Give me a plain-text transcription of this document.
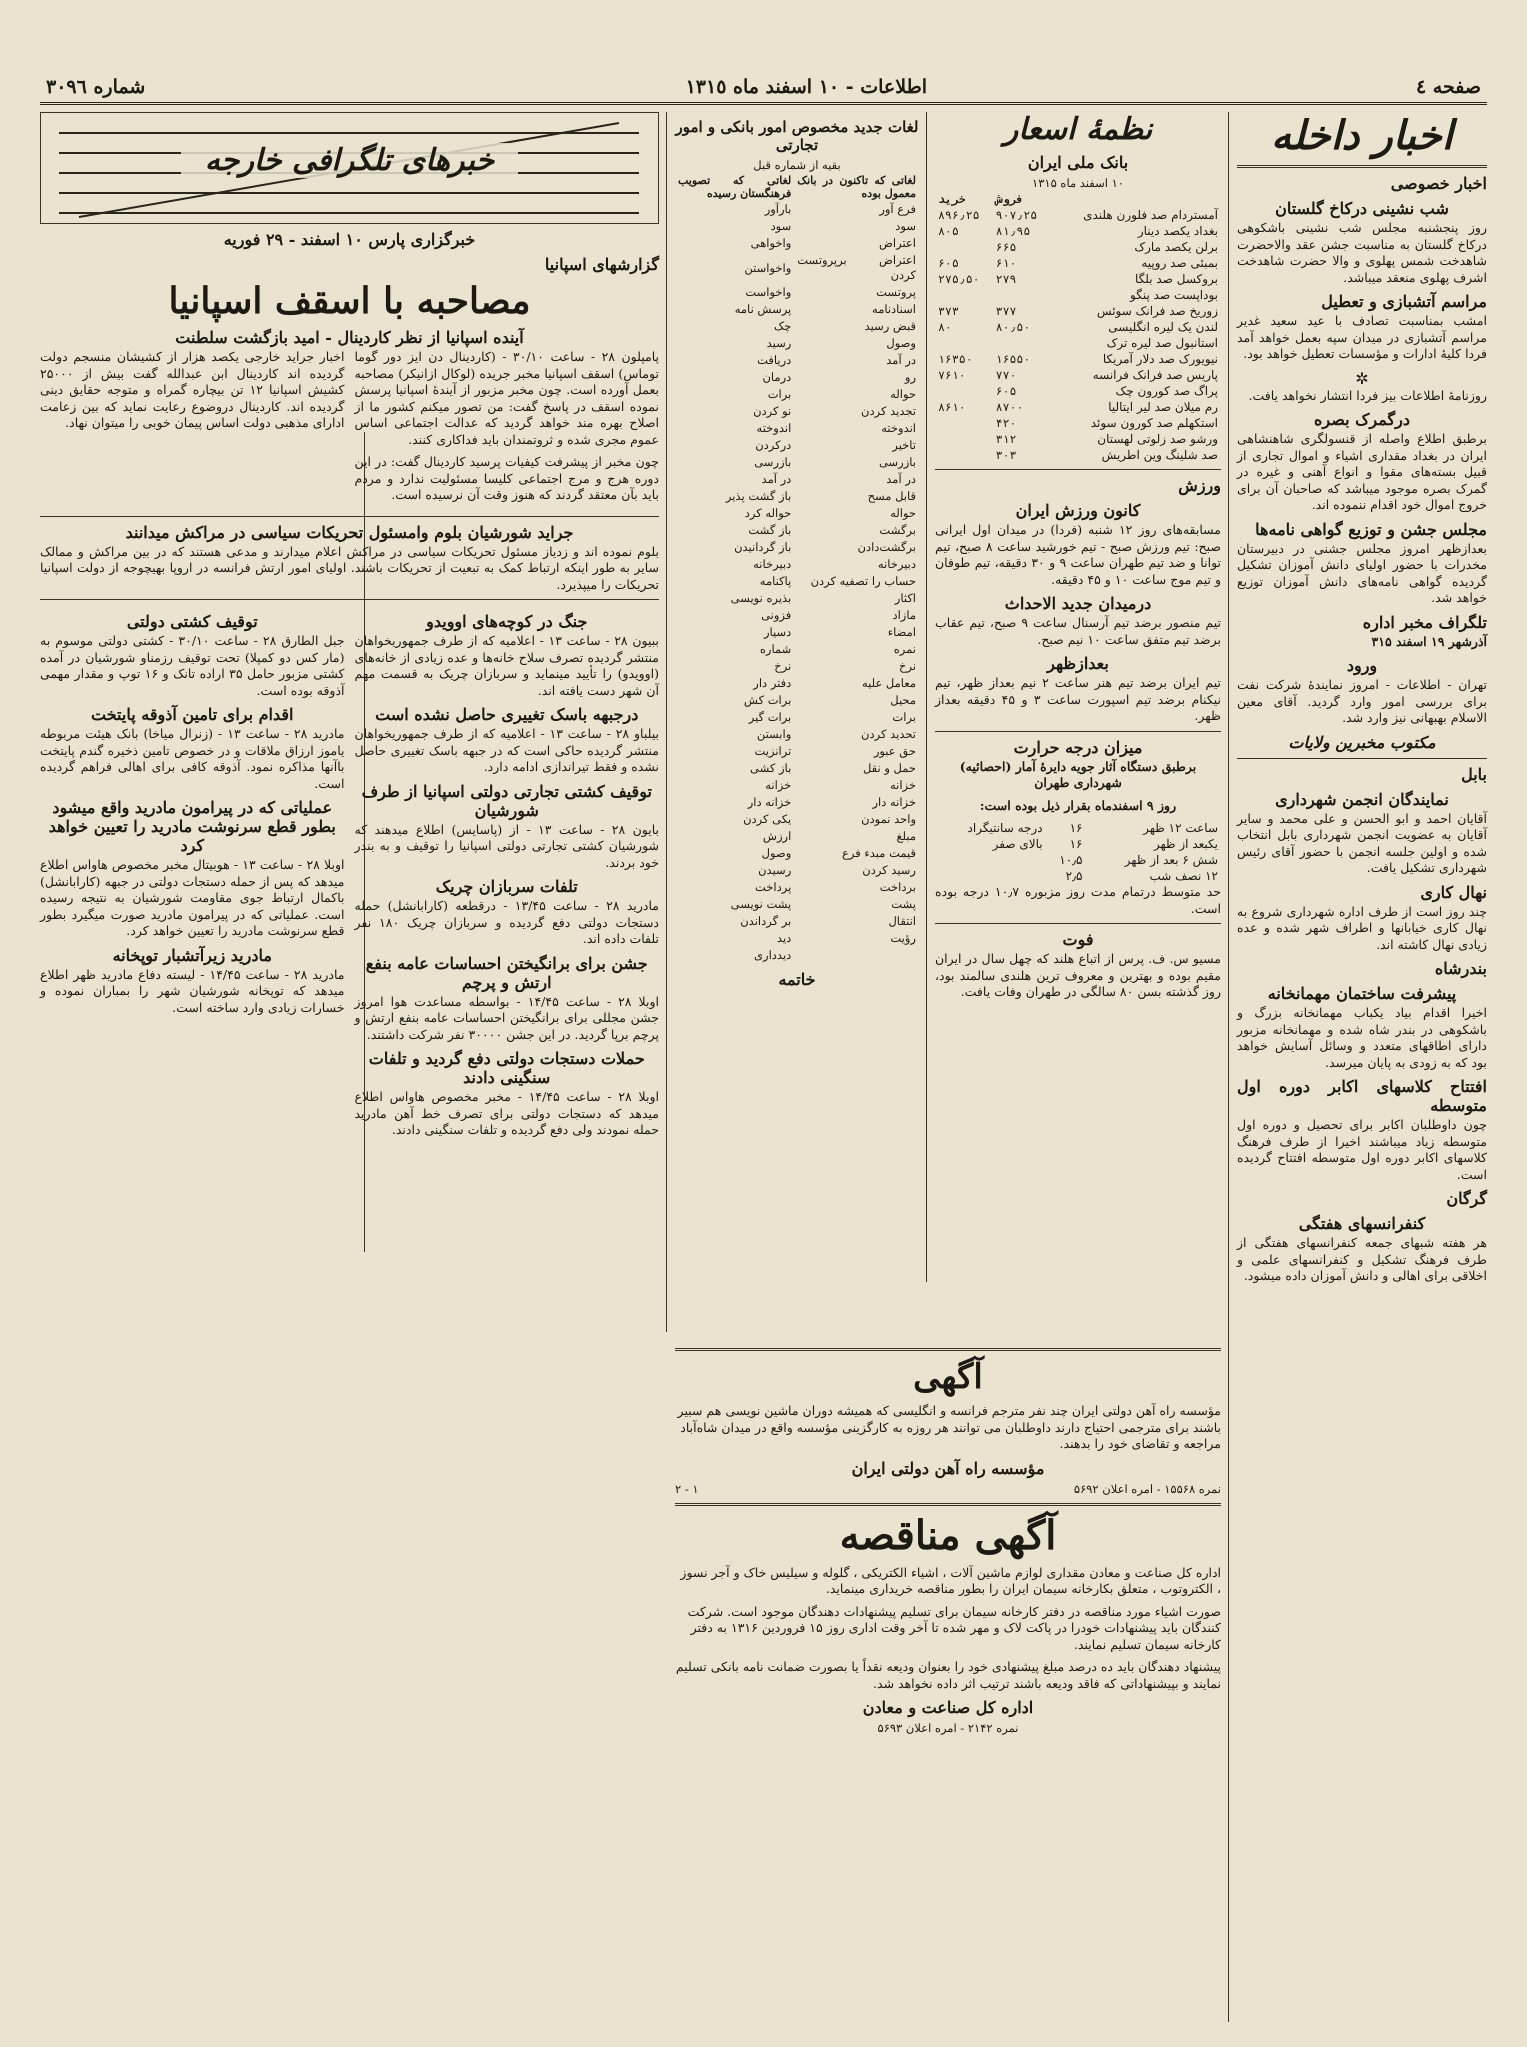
صفحه ٤
اطلاعات - ١٠ اسفند ماه ١٣١٥
شماره ٣٠٩٦
اخبار داخله
اخبار خصوصی
شب نشینی درکاخ گلستان

روز پنجشنبه مجلس شب نشینی باشکوهی درکاخ گلستان به مناسبت جشن عقد والاحضرت شاهدخت شمس پهلوی و والا حضرت شاهدخت اشرف پهلوی منعقد میباشد.

مراسم آتشبازی و تعطیل

امشب بمناسبت تصادف با عید سعید غدیر مراسم آتشبازی در میدان سپه بعمل خواهد آمد فردا کلیهٔ ادارات و مؤسسات تعطیل خواهد بود.

✲

روزنامهٔ اطلاعات بیز فردا انتشار نخواهد یافت.

درگمرک بصره

برطبق اطلاع واصله از قنسولگری شاهنشاهی ایران در بغداد مقداری اشیاء و اموال تجاری از قبیل بسته‌های مقوا و انواع آهنی و غیره در گمرک بصره موجود میباشد که صاحبان آن برای خروج اموال خود اقدام ننموده اند.

مجلس جشن و توزیع گواهی نامه‌ها

بعدازظهر امروز مجلس جشنی در دبیرستان مخدرات با حضور اولیای دانش آموزان تشکیل گردیده گواهی نامه‌های دانش آموزان توزیع خواهد شد.

تلگراف مخبر اداره
آذرشهر ۱۹ اسفند ۳۱۵
ورود

تهران - اطلاعات - امروز نمایندهٔ شرکت نفت برای بررسی امور وارد گردید. آقای معین الاسلام بهبهانی نیز وارد شد.

مکتوب مخبرین ولایات
بابل
نمایندگان انجمن شهرداری

آقایان احمد و ابو الحسن و علی محمد و سایر آقایان به عضویت انجمن شهرداری بابل انتخاب شده و اولین جلسه انجمن با حضور آقای رئیس شهرداری تشکیل یافت.

نهال کاری

چند روز است از طرف اداره شهرداری شروع به نهال کاری خیابانها و اطراف شهر شده و عده زیادی نهال کاشته اند.

بندرشاه
پیشرفت ساختمان مهمانخانه

اخیرا اقدام بیاد یکباب مهمانخانه بزرگ و باشکوهی در بندر شاه شده و مهمانخانه مزبور دارای اطاقهای متعدد و وسائل آسایش خواهد بود که به زودی به پایان میرسد.

افتتاح کلاسهای اکابر دوره اول متوسطه

چون داوطلبان اکابر برای تحصیل و دوره اول متوسطه زیاد میباشند اخیرا از طرف فرهنگ کلاسهای اکابر دوره اول متوسطه افتتاح گردیده است.

گرگان
کنفرانسهای هفتگی

هر هفته شبهای جمعه کنفرانسهای هفتگی از طرف فرهنگ تشکیل و کنفرانسهای علمی و اخلاقی برای اهالی و دانش آموزان داده میشود.

نظمهٔ اسعار
بانک ملی ایران
۱۰ اسفند ماه ۱۳۱۵
	فروش	خرید
آمستردام صد فلورن هلندی	۹۰۷٫۲۵	۸۹۶٫۲۵
بغداد یکصد دینار	۸۱٫۹۵	۸۰۵
برلن یکصد مارک	۶۶۵	
بمبئی صد روپیه	۶۱۰	۶۰۵
بروکسل صد بلگا	۲۷۹	۲۷۵٫۵۰
بوداپست صد پنگو		
زوریخ صد فرانک سوئس	۳۷۷	۳۷۳
لندن یک لیره انگلیسی	۸۰٫۵۰	۸۰
استانبول صد لیره ترک		
نیویورک صد دلار آمریکا	۱۶۵۵۰	۱۶۳۵۰
پاریس صد فرانک فرانسه	۷۷۰	۷۶۱۰
پراگ صد کورون چک	۶۰۵	
رم میلان صد لیر ایتالیا	۸۷۰۰	۸۶۱۰
استکهلم صد کورون سوئد	۴۲۰	
ورشو صد زلوتی لهستان	۳۱۲	
صد شلینگ وین اطریش	۳۰۳	
ورزش
کانون ورزش ایران

مسابقه‌های روز ۱۲ شنبه (فردا) در میدان اول ایرانی صبح: تیم ورزش صبح - تیم خورشید ساعت ۸ صبح، تیم توانا و ضد تیم طهران ساعت ۹ و ۳۰ دقیقه، تیم طوفان و تیم موج ساعت ۱۰ و ۴۵ دقیقه.

درمیدان جدید الاحداث

تیم منصور برضد تیم آرسنال ساعت ۹ صبح، تیم عقاب برضد تیم متفق ساعت ۱۰ نیم صبح.

بعدازظهر

تیم ایران برضد تیم هنر ساعت ۲ نیم بعداز ظهر، تیم نیکنام برضد تیم اسپورت ساعت ۳ و ۴۵ دقیقه بعداز ظهر.

میزان درجه حرارت

برطبق دستگاه آثار جویه دایرهٔ آمار (احصائیه) شهرداری طهران

روز ۹ اسفندماه بقرار ذیل بوده است:

ساعت ۱۲ ظهر	۱۶	درجه سانتیگراد
یکبعد از ظهر	۱۶	بالای صفر
شش ۶ بعد از ظهر	۱۰٫۵	
۱۲ نصف شب	۲٫۵	

حد متوسط درتمام مدت روز مزبوره ۱۰٫۷ درجه بوده است.

فوت

مسیو س. ف. پرس از اتباع هلند که چهل سال در ایران مقیم بوده و بهترین و معروف ترین هلندی سالمند بود، روز گذشته بسن ۸۰ سالگی در طهران وفات یافت.

لغات جدید مخصوص امور بانکی و امور تجارتی
بقیه از شماره قبل
لغاتی که تاکنون در بانک معمول بوده	لغاتی که تصویب فرهنگستان رسیده
فرع آور	بارآور
سود	سود
اعتراض	واخواهی
اعتراض برپروتست کردن	واخواستن
پروتست	واخواست
اسنادنامه	پرسش نامه
قبض رسید	چک
وصول	رسید
در آمد	دریافت
رو	درمان
حواله	برات
تجدید کردن	نو کردن
اندوخته	اندوخته
تاخیر	درکردن
بازرسی	بازرسی
در آمد	در آمد
قابل مسح	باز گشت پذیر
حواله	حواله کرد
برگشت	باز گشت
برگشت‌دادن	باز گردانیدن
دبیرخانه	دبیرخانه
حساب را تصفیه کردن	پاکنامه
اکثار	بذیره نویسی
مازاد	فزونی
امضاء	دسیار
نمره	شماره
نرخ	نرخ
معامل علیه	دفتر دار
محیل	برات کش
برات	برات گیر
تحدید کردن	وابستن
حق عبور	ترانزیت
حمل و نقل	باز کشی
خزانه	خزانه
خزانه دار	خزانه دار
واحد نمودن	یکی کردن
مبلغ	ارزش
قیمت مبدء فرع	وصول
رسید کردن	رسیدن
برداخت	پرداخت
پشت	پشت نویسی
انتقال	بر گرداندن
رؤیت	دید
	دیدداری
خاتمه
خبرهای تلگرافی خارجه
خبرگزاری پارس ۱۰ اسفند - ۲۹ فوریه
گزارشهای اسپانیا
مصاحبه با اسقف اسپانیا
آینده اسپانیا از نظر کاردینال - امید بازگشت سلطنت

پامپلون ۲۸ - ساعت ۳۰/۱۰ - (کاردینال دن ایز دور گوما توماس) اسقف اسپانیا مخبر جریده (لوکال ازانیکر) مصاحبه بعمل آورده است. چون مخبر مزبور از آیندهٔ اسپانیا پرسش نموده اسقف در پاسخ گفت: من تصور میکنم کشور ما از اصلاح بهره مند خواهد گردید که عدالت اجتماعی اساس عموم مجری شده و ثروتمندان باید فداکاری کنند.

چون مخبر از پیشرفت کیفیات پرسید کاردینال گفت: در این دوره هرج و مرج اجتماعی کلیسا مسئولیت ندارد و مردم باید بآن معتقد گردند که هنوز وقت آن نرسیده است.

اخبار جراید خارجی یکصد هزار از کشیشان منسجم دولت گردیده اند کاردینال ابن عبدالله گفت بیش از ۲۵۰۰۰ کشیش اسپانیا ۱۲ تن بیچاره گمراه و متوجه حقایق دینی گردیده اند. کاردینال دروضوع رعایت نماید که بین زعامت ادارای مذهبی دولت اساس پیمان خوبی را میتوان نهاد.

جراید شورشیان بلوم وامسئول تحریکات سیاسی در مراکش میدانند

بلوم نموده اند و زدیاز مسئول تحریکات سیاسی در مراکش اعلام میدارند و مدعی هستند که در بین مراکش و ممالک سایر به طور اینکه ارتباط کمک به تبعیت از تحریکات باشند. اولیای امور ارتش فرانسه در اروپا بهیچوجه از دولت اسپانیا تحریکات را میپذیرد.

جنگ در کوچه‌های اوویدو

ببیون ۲۸ - ساعت ۱۳ - اعلامیه که از طرف جمهوریخواهان منتشر گردیده تصرف سلاح خانه‌ها و عده زیادی از خانه‌های (اوویدو) را تأیید مینماید و سربازان چریک به قسمت مهم آن شهر دست یافته اند.

درجبهه باسک تغییری حاصل نشده است

بیلباو ۲۸ - ساعت ۱۳ - اعلامیه که از طرف جمهوریخواهان منتشر گردیده حاکی است که در جبهه باسک تغییری حاصل نشده و فقط تیراندازی ادامه دارد.

توقیف کشتی تجارتی دولتی اسپانیا از طرف شورشیان

بایون ۲۸ - ساعت ۱۳ - از (پاسایس) اطلاع میدهند که شورشیان کشتی تجارتی دولتی اسپانیا را توقیف و به بندر خود بردند.

تلفات سربازان چریک

مادرید ۲۸ - ساعت ۱۳/۴۵ - درقطعه (کارابانشل) حمله دستجات دولتی دفع گردیده و سربازان چریک ۱۸۰ نفر تلفات داده اند.

جشن برای برانگیختن احساسات عامه بنفع ارتش و پرچم

اوبلا ۲۸ - ساعت ۱۴/۴۵ - بواسطه مساعدت هوا امروز جشن مجللی برای برانگیختن احساسات عامه بنفع ارتش و پرچم برپا گردید. در این جشن ۳۰۰۰۰ نفر شرکت داشتند.

حملات دستجات دولتی دفع گردید و تلفات سنگینی دادند

اوبلا ۲۸ - ساعت ۱۴/۴۵ - مخبر مخصوص هاواس اطلاع میدهد که دستجات دولتی برای تصرف خط آهن مادرید حمله نمودند ولی دفع گردیده و تلفات سنگینی دادند.

توقیف کشتی دولتی

جبل الطارق ۲۸ - ساعت ۳۰/۱۰ - کشتی دولتی موسوم به (مار کس دو کمپلا) تحت توقیف رزمناو شورشیان در آمده کشتی مزبور حامل ۳۵ اراده تانک و ۱۶ توپ و مقدار مهمی آذوقه بوده است.

اقدام برای تامین آذوقه پایتخت

مادرید ۲۸ - ساعت ۱۳ - (زنرال میاخا) بانک هیئت مربوطه یاموز ارزاق ملاقات و در خصوص تامین ذخیره گندم پایتخت باآنها مذاکره نمود. آذوقه کافی برای اهالی فراهم گردیده است.

عملیاتی که در پیرامون مادرید واقع میشود بطور قطع سرنوشت مادرید را تعیین خواهد کرد

اوبلا ۲۸ - ساعت ۱۳ - هوبیتال مخبر مخصوص هاواس اطلاع میدهد که پس از حمله دستجات دولتی در جبهه (کارابانشل) باکمال ارتباط جوی مقاومت شورشیان به نتیجه رسیده است. عملیاتی که در پیرامون مادرید صورت میگیرد بطور قطع سرنوشت مادرید را تعیین خواهد کرد.

مادرید زیرآتشبار توپخانه

مادرید ۲۸ - ساعت ۱۴/۴۵ - لیسته دفاع مادرید ظهر اطلاع میدهد که توپخانه شورشیان شهر را بمباران نموده و خسارات زیادی وارد ساخته است.

آگهی

مؤسسه راه آهن دولتی ایران چند نفر مترجم فرانسه و انگلیسی که همیشه دوران ماشین نویسی هم سبیر باشند برای مترجمی احتیاج دارند داوطلبان می توانند هر روزه به کارگزینی مؤسسه واقع در میدان شاه‌آباد مراجعه و تقاضای خود را بدهند.

مؤسسه راه آهن دولتی ایران
نمره ۱۵۵۶۸ - امره اعلان ۵۶۹۲
۱ - ۲
آگهی مناقصه

اداره کل صناعت و معادن مقداری لوازم ماشین آلات ، اشیاء الکتریکی ، گلوله و سیلیس خاک و آجر نسوز ، الکتروتوب ، متعلق بکارخانه سیمان ایران را بطور مناقصه خریداری مینماید.

صورت اشیاء مورد مناقصه در دفتر کارخانه سیمان برای تسلیم پیشنهادات دهندگان موجود است. شرکت کنندگان باید پیشنهادات خودرا در پاکت لاک و مهر شده تا آخر وقت اداری روز ۱۵ فروردین ۱۳۱۶ به دفتر کارخانه سیمان تسلیم نمایند.

پیشنهاد دهندگان باید ده درصد مبلغ پیشنهادی خود را بعنوان ودیعه نقداً یا بصورت ضمانت نامه بانکی تسلیم نمایند و بپیشنهاداتی که فاقد ودیعه باشند ترتیب اثر داده نخواهد شد.

اداره کل صناعت و معادن
نمره ۲۱۴۲ - امره اعلان ۵۶۹۳
